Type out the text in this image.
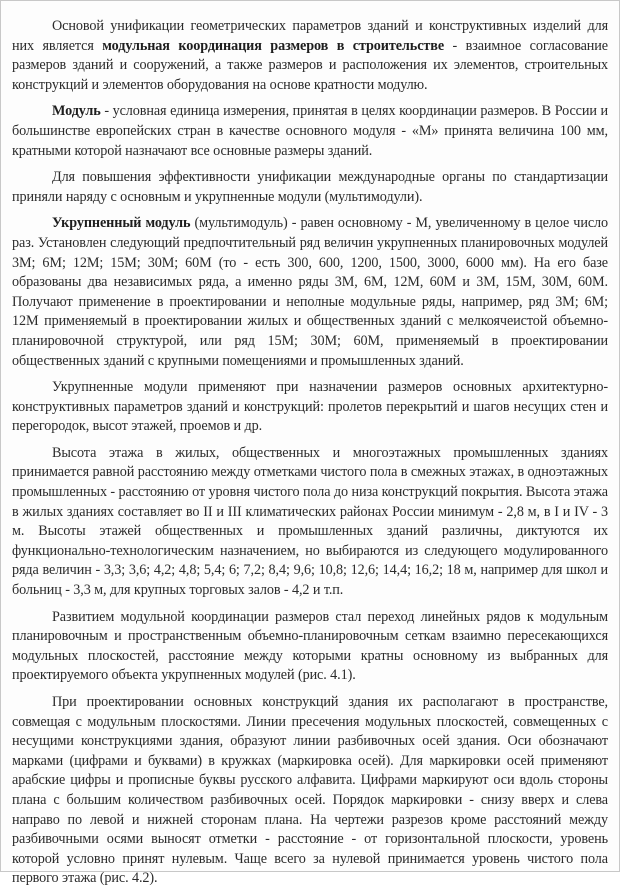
Основой унификации геометрических параметров зданий и конструктивных изделий для них является модульная координация размеров в строительстве - взаимное согласование размеров зданий и сооружений, а также размеров и расположения их элементов, строительных конструкций и элементов оборудования на основе кратности модулю.

Модуль - условная единица измерения, принятая в целях координации размеров. В России и большинстве европейских стран в качестве основного модуля - «М» принята величина 100 мм, кратными которой назначают все основные размеры зданий.

Для повышения эффективности унификации международные органы по стандартизации приняли наряду с основным и укрупненные модули (мультимодули).

Укрупненный модуль (мультимодуль) - равен основному - М, увеличенному в целое число раз. Установлен следующий предпочтительный ряд величин укрупненных планировочных модулей 3М; 6М; 12М; 15М; 30М; 60М (то - есть 300, 600, 1200, 1500, 3000, 6000 мм). На его базе образованы два независимых ряда, а именно ряды 3М, 6М, 12М, 60М и 3М, 15М, 30М, 60М. Получают применение в проектировании и неполные модульные ряды, например, ряд 3М; 6М; 12М применяемый в проектировании жилых и общественных зданий с мелкоячеистой объемно-планировочной структурой, или ряд 15М; 30М; 60М, применяемый в проектировании общественных зданий с крупными помещениями и промышленных зданий.

Укрупненные модули применяют при назначении размеров основных архитектурно-конструктивных параметров зданий и конструкций: пролетов перекрытий и шагов несущих стен и перегородок, высот этажей, проемов и др.

Высота этажа в жилых, общественных и многоэтажных промышленных зданиях принимается равной расстоянию между отметками чистого пола в смежных этажах, в одноэтажных промышленных - расстоянию от уровня чистого пола до низа конструкций покрытия. Высота этажа в жилых зданиях составляет во II и III климатических районах России минимум - 2,8 м, в I и IV - 3 м. Высоты этажей общественных и промышленных зданий различны, диктуются их функционально-технологическим назначением, но выбираются из следующего модулированного ряда величин - 3,3; 3,6; 4,2; 4,8; 5,4; 6; 7,2; 8,4; 9,6; 10,8; 12,6; 14,4; 16,2; 18 м, например для школ и больниц - 3,3 м, для крупных торговых залов - 4,2 и т.п.

Развитием модульной координации размеров стал переход линейных рядов к модульным планировочным и пространственным объемно-планировочным сеткам взаимно пересекающихся модульных плоскостей, расстояние между которыми кратны основному из выбранных для проектируемого объекта укрупненных модулей (рис. 4.1).

При проектировании основных конструкций здания их располагают в пространстве, совмещая с модульным плоскостями. Линии пресечения модульных плоскостей, совмещенных с несущими конструкциями здания, образуют линии разбивочных осей здания. Оси обозначают марками (цифрами и буквами) в кружках (маркировка осей). Для маркировки осей применяют арабские цифры и прописные буквы русского алфавита. Цифрами маркируют оси вдоль стороны плана с большим количеством разбивочных осей. Порядок маркировки - снизу вверх и слева направо по левой и нижней сторонам плана. На чертежи разрезов кроме расстояний между разбивочными осями выносят отметки - расстояние - от горизонтальной плоскости, уровень которой условно принят нулевым. Чаще всего за нулевой принимается уровень чистого пола первого этажа (рис. 4.2).
